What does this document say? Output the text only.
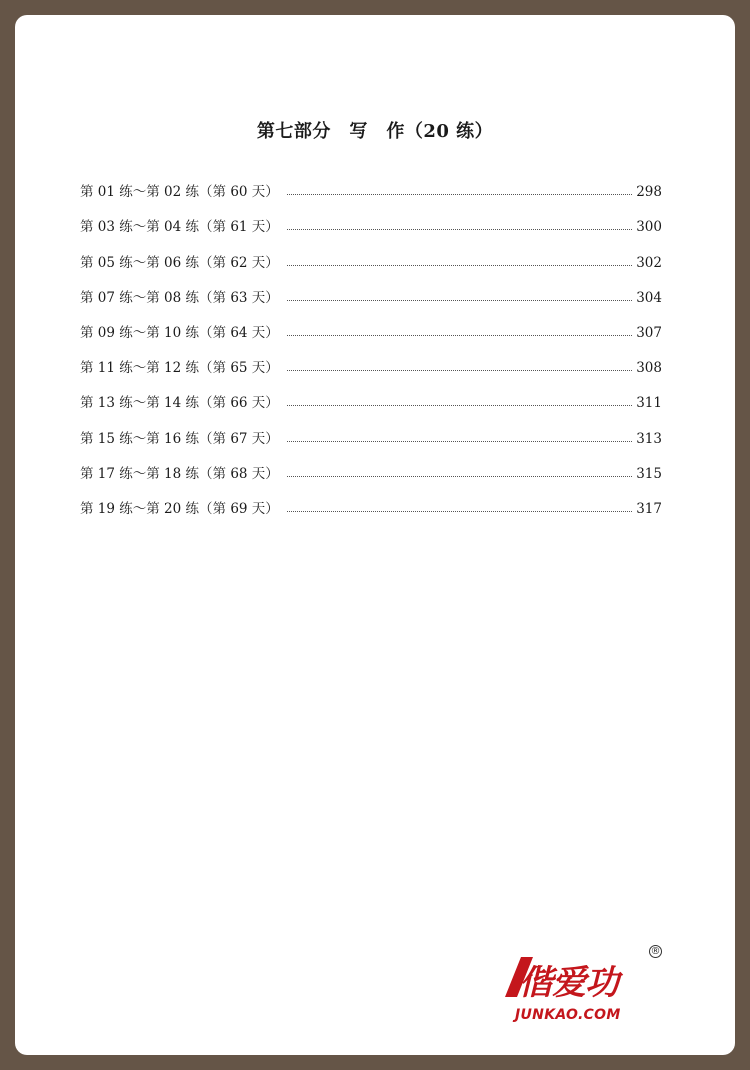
第七部分　写　作（20 练）
第 01 练～第 02 练（第 60 天）	298
第 03 练～第 04 练（第 61 天）	300
第 05 练～第 06 练（第 62 天）	302
第 07 练～第 08 练（第 63 天）	304
第 09 练～第 10 练（第 64 天）	307
第 11 练～第 12 练（第 65 天）	308
第 13 练～第 14 练（第 66 天）	311
第 15 练～第 16 练（第 67 天）	313
第 17 练～第 18 练（第 68 天）	315
第 19 练～第 20 练（第 69 天）	317
偕爱功
®
JUNKAO.COM
